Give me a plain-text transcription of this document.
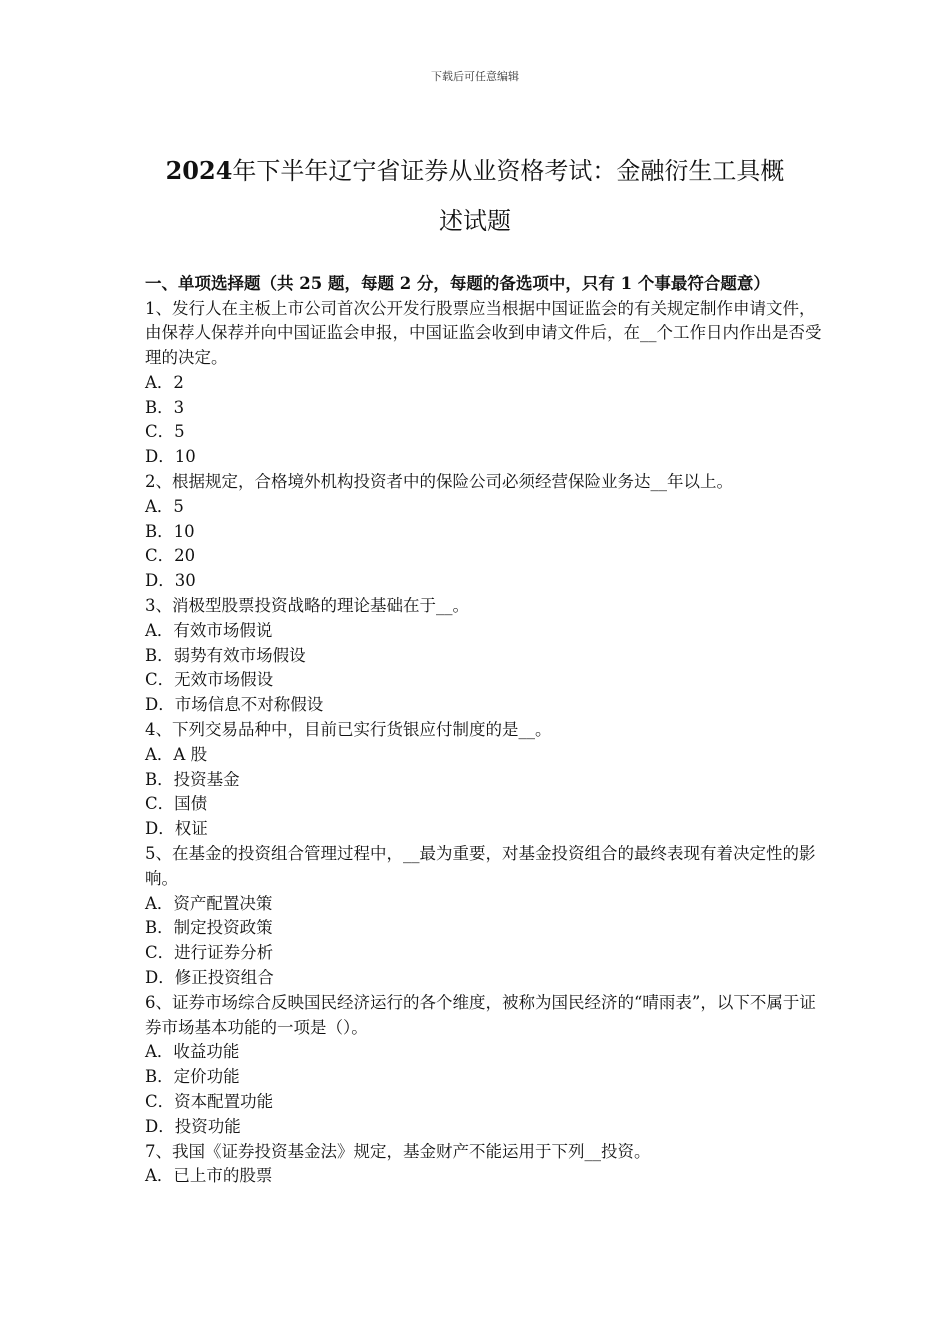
下载后可任意编辑
2024年下半年辽宁省证券从业资格考试：金融衍生工具概
述试题

一、单项选择题（共 25 题，每题 2 分，每题的备选项中，只有 1 个事最符合题意）

1、发行人在主板上市公司首次公开发行股票应当根据中国证监会的有关规定制作申请文件，由保荐人保荐并向中国证监会申报，中国证监会收到申请文件后，在__个工作日内作出是否受理的决定。

A．2

B．3

C．5

D．10

2、根据规定，合格境外机构投资者中的保险公司必须经营保险业务达__年以上。

A．5

B．10

C．20

D．30

3、消极型股票投资战略的理论基础在于__。

A．有效市场假说

B．弱势有效市场假设

C．无效市场假设

D．市场信息不对称假设

4、下列交易品种中，目前已实行货银应付制度的是__。

A．A 股

B．投资基金

C．国债

D．权证

5、在基金的投资组合管理过程中，__最为重要，对基金投资组合的最终表现有着决定性的影响。

A．资产配置决策

B．制定投资政策

C．进行证券分析

D．修正投资组合

6、证券市场综合反映国民经济运行的各个维度，被称为国民经济的“晴雨表”，以下不属于证券市场基本功能的一项是（）。

A．收益功能

B．定价功能

C．资本配置功能

D．投资功能

7、我国《证券投资基金法》规定，基金财产不能运用于下列__投资。

A．已上市的股票
